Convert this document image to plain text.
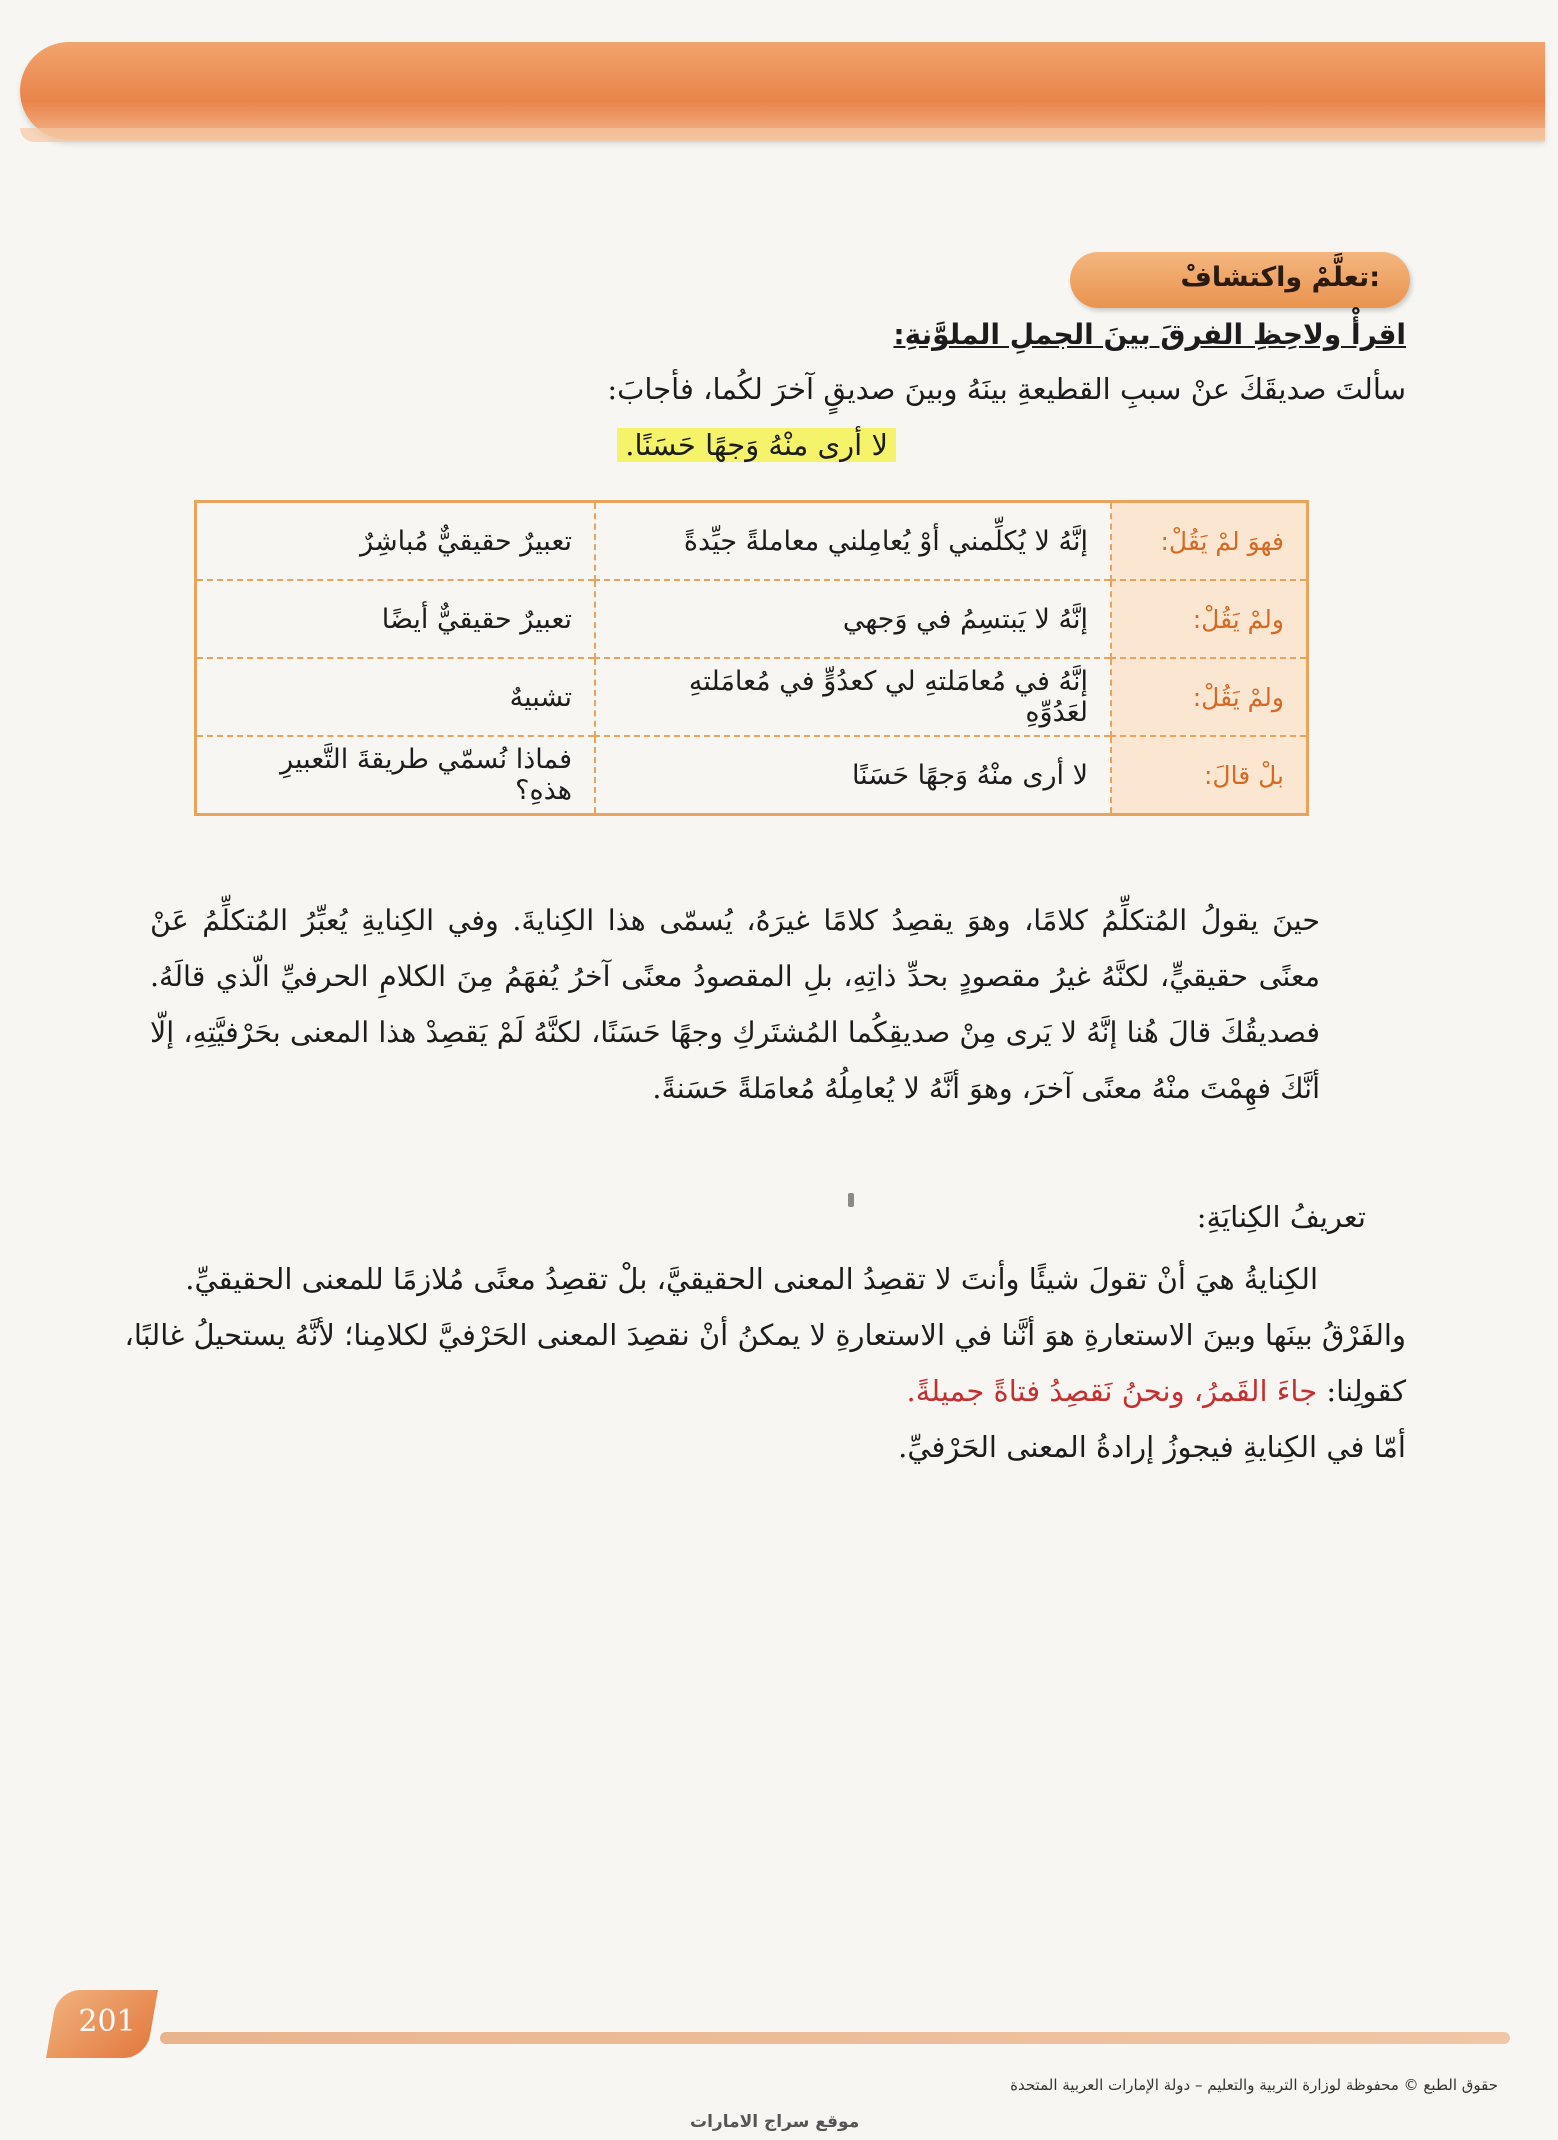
تعلَّمْ واكتشافْ:
اقرأْ ولاحِظِ الفرقَ بينَ الجملِ الملوَّنةِ:
سألتَ صديقَكَ عنْ سببِ القطيعةِ بينَهُ وبينَ صديقٍ آخرَ لكُما، فأجابَ:
لا أرى منْهُ وَجهًا حَسَنًا.
فهوَ لمْ يَقُلْ:	إنَّهُ لا يُكلِّمني أوْ يُعامِلني معاملةً جيِّدةً	تعبيرٌ حقيقيٌّ مُباشِرٌ
ولمْ يَقُلْ:	إنَّهُ لا يَبتسِمُ في وَجهي	تعبيرٌ حقيقيٌّ أيضًا
ولمْ يَقُلْ:	إنَّهُ في مُعامَلتهِ لي كعدُوٍّ في مُعامَلتهِ لعَدُوِّهِ	تشبيهٌ
بلْ قالَ:	لا أرى منْهُ وَجهًا حَسَنًا	فماذا نُسمّي طريقةَ التَّعبيرِ هذهِ؟

حينَ يقولُ المُتكلِّمُ كلامًا، وهوَ يقصِدُ كلامًا غيرَهُ، يُسمّى هذا الكِنايةَ. وفي الكِنايةِ يُعبِّرُ المُتكلِّمُ عَنْ معنًى حقيقيٍّ، لكنَّهُ غيرُ مقصودٍ بحدِّ ذاتِهِ، بلِ المقصودُ معنًى آخرُ يُفهَمُ مِنَ الكلامِ الحرفيِّ الّذي قالَهُ. فصديقُكَ قالَ هُنا إنَّهُ لا يَرى مِنْ صديقِكُما المُشتَركِ وجهًا حَسَنًا، لكنَّهُ لَمْ يَقصِدْ هذا المعنى بحَرْفيَّتِهِ، إلّا أنَّكَ فهِمْتَ منْهُ معنًى آخرَ، وهوَ أنَّهُ لا يُعامِلُهُ مُعامَلةً حَسَنةً.

تعريفُ الكِنايَةِ:
الكِنايةُ هيَ أنْ تقولَ شيئًا وأنتَ لا تقصِدُ المعنى الحقيقيَّ، بلْ تقصِدُ معنًى مُلازمًا للمعنى الحقيقيِّ.
والفَرْقُ بينَها وبينَ الاستعارةِ هوَ أنَّنا في الاستعارةِ لا يمكنُ أنْ نقصِدَ المعنى الحَرْفيَّ لكلامِنا؛ لأنَّهُ يستحيلُ غالبًا،
كقولِنا: جاءَ القَمرُ، ونحنُ نَقصِدُ فتاةً جميلةً.
أمّا في الكِنايةِ فيجوزُ إرادةُ المعنى الحَرْفيِّ.
201
حقوق الطبع © محفوظة لوزارة التربية والتعليم – دولة الإمارات العربية المتحدة
موقع سراج الامارات
